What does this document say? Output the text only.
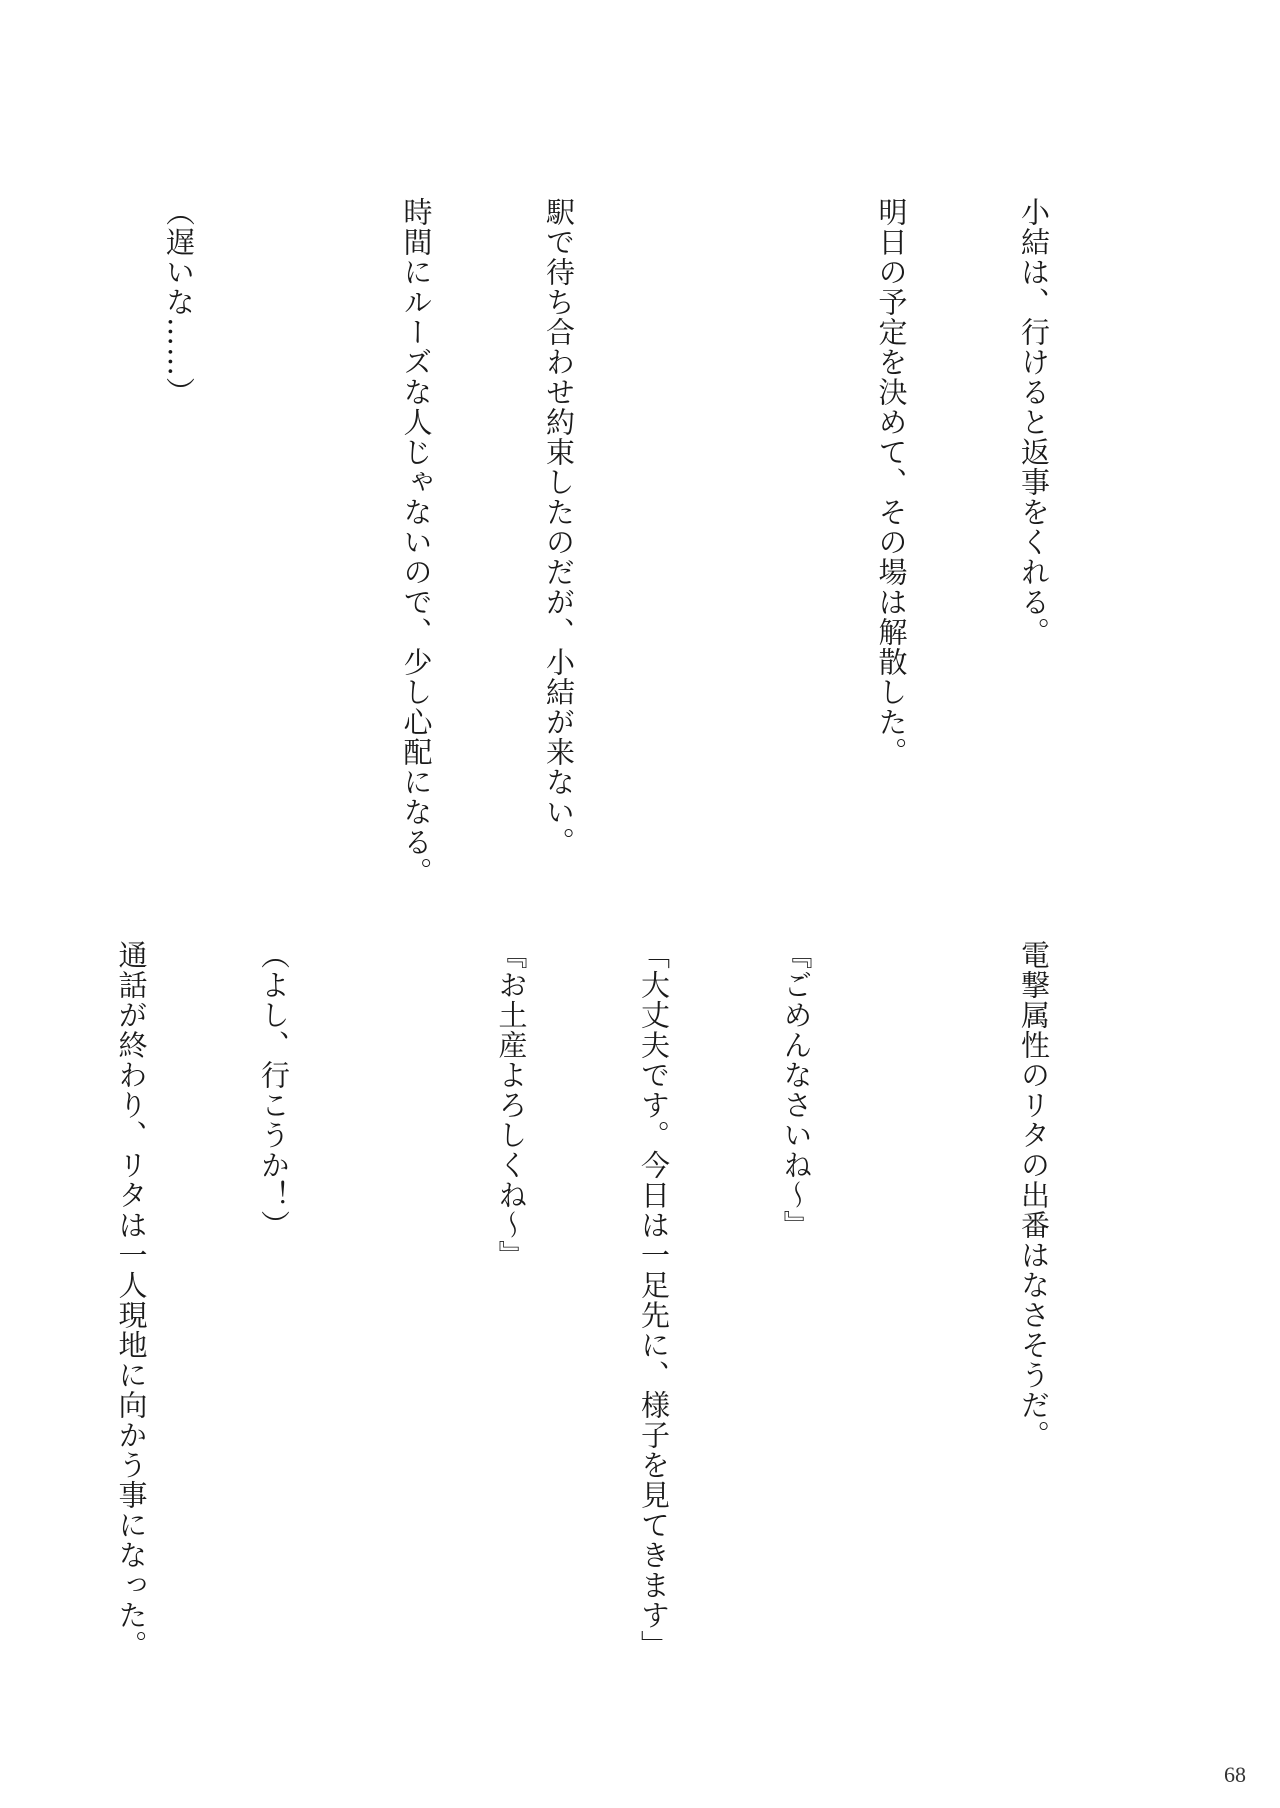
小結は、行けると返事をくれる。

明日の予定を決めて、その場は解散した。

駅で待ち合わせ約束したのだが、小結が来ない。

時間にルーズな人じゃないので、少し心配になる。

（遅いな……）

電撃属性のリタの出番はなさそうだ。

『ごめんなさいね～』

「大丈夫です。今日は一足先に、様子を見てきます」

『お土産よろしくね～』

（よし、行こうか！）

通話が終わり、リタは一人現地に向かう事になった。

68
